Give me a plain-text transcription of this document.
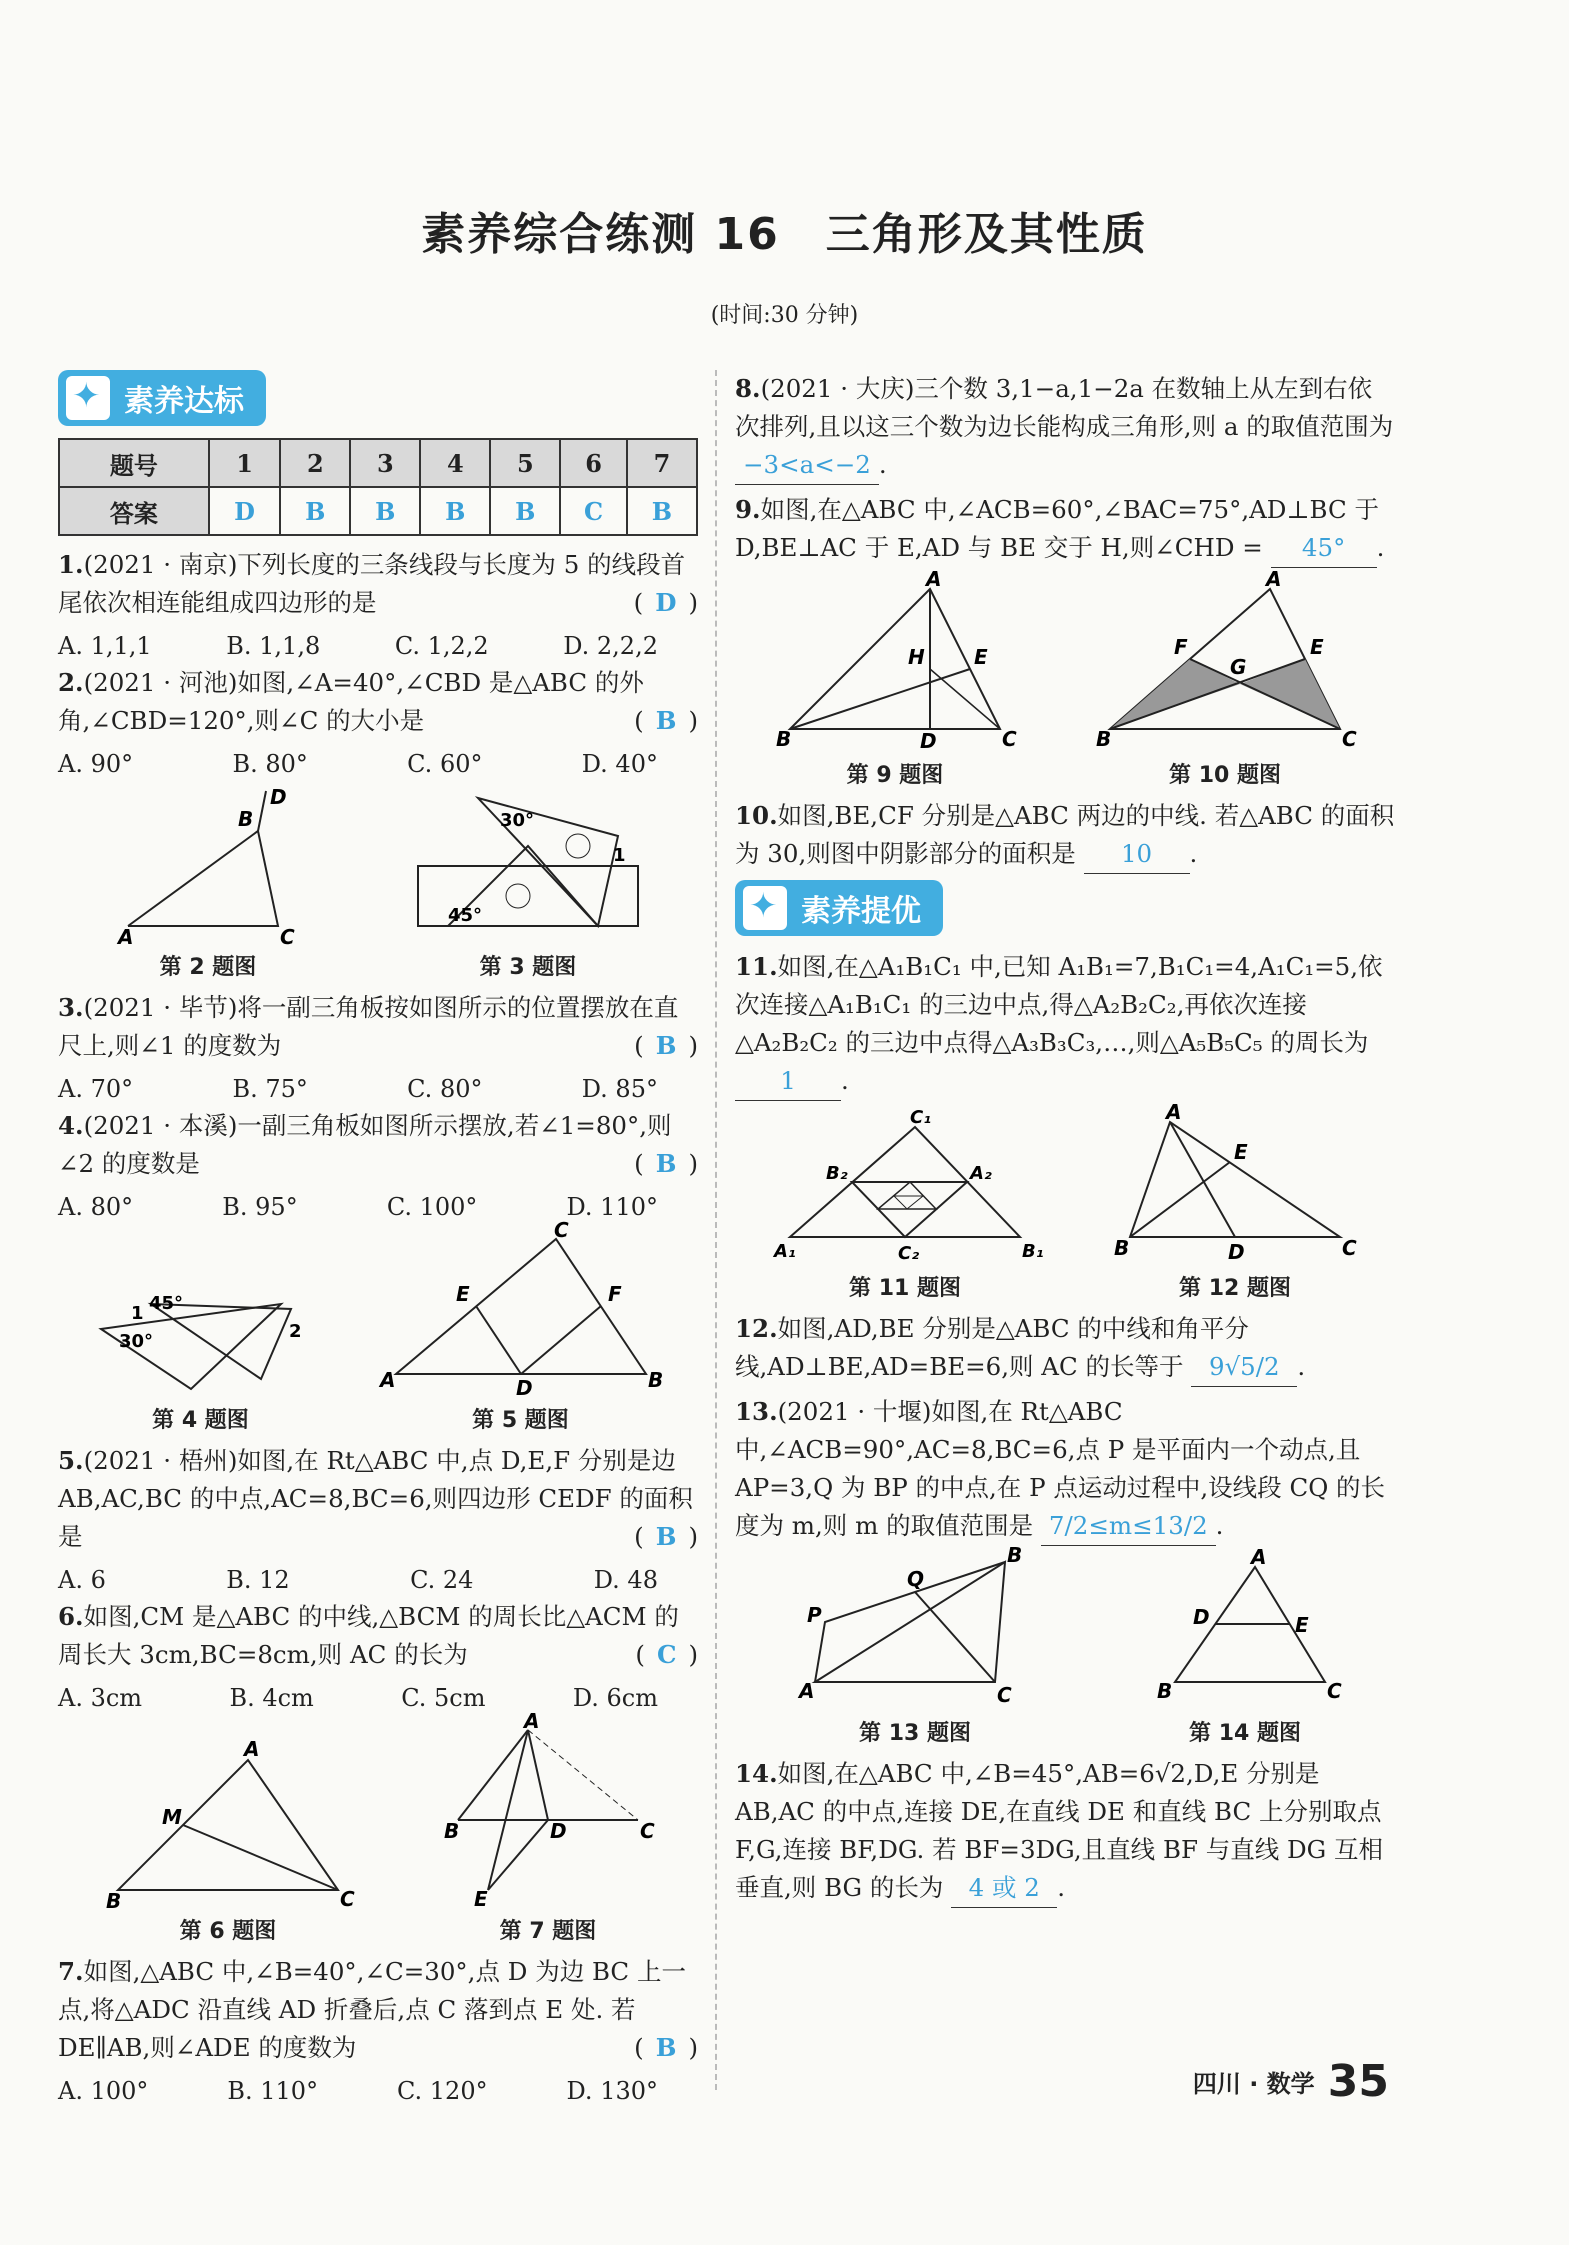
素养综合练测 16　三角形及其性质
(时间:30 分钟)
✦
素养达标
题号	1	2	3	4	5	6	7
答案	D	B	B	B	B	C	B
1.(2021 · 南京)下列长度的三条线段与长度为 5 的线段首尾依次相连能组成四边形的是	( D )
A. 1,1,1	B. 1,1,8	C. 1,2,2	D. 2,2,2
2.(2021 · 河池)如图,∠A=40°,∠CBD 是△ABC 的外角,∠CBD=120°,则∠C 的大小是	( B )
A. 90°	B. 80°	C. 60°	D. 40°
A
B
C
D
第 2 题图
30°
45°
1
第 3 题图
3.(2021 · 毕节)将一副三角板按如图所示的位置摆放在直尺上,则∠1 的度数为	( B )
A. 70°	B. 75°	C. 80°	D. 85°
4.(2021 · 本溪)一副三角板如图所示摆放,若∠1=80°,则∠2 的度数是	( B )
A. 80°	B. 95°	C. 100°	D. 110°
1 45°
30°	2
第 4 题图
A	B
C
D
E	F
第 5 题图
5.(2021 · 梧州)如图,在 Rt△ABC 中,点 D,E,F 分别是边 AB,AC,BC 的中点,AC=8,BC=6,则四边形 CEDF 的面积是	( B )
A. 6	B. 12	C. 24	D. 48
6.如图,CM 是△ABC 的中线,△BCM 的周长比△ACM 的周长大 3cm,BC=8cm,则 AC 的长为	( C )
A. 3cm	B. 4cm	C. 5cm	D. 6cm
B	C
A
M
第 6 题图
A
B	C
D
E
第 7 题图
7.如图,△ABC 中,∠B=40°,∠C=30°,点 D 为边 BC 上一点,将△ADC 沿直线 AD 折叠后,点 C 落到点 E 处. 若 DE∥AB,则∠ADE 的度数为	( B )
A. 100°	B. 110°	C. 120°	D. 130°
8.(2021 · 大庆)三个数 3,1−a,1−2a 在数轴上从左到右依次排列,且以这三个数为边长能构成三角形,则 a 的取值范围为 −3<a<−2 .
9.如图,在△ABC 中,∠ACB=60°,∠BAC=75°,AD⊥BC 于 D,BE⊥AC 于 E,AD 与 BE 交于 H,则∠CHD = 45° .
A
B	C
D
E
H
第 9 题图
A
B	C
F
G
E
第 10 题图
10.如图,BE,CF 分别是△ABC 两边的中线. 若△ABC 的面积为 30,则图中阴影部分的面积是 10 .
✦
素养提优
11.如图,在△A₁B₁C₁ 中,已知 A₁B₁=7,B₁C₁=4,A₁C₁=5,依次连接△A₁B₁C₁ 的三边中点,得△A₂B₂C₂,再依次连接△A₂B₂C₂ 的三边中点得△A₃B₃C₃,…,则△A₅B₅C₅ 的周长为 1 .
C₁
A₁	B₁
B₂	A₂
C₂
第 11 题图
A
B	C
D
E
第 12 题图
12.如图,AD,BE 分别是△ABC 的中线和角平分线,AD⊥BE,AD=BE=6,则 AC 的长等于 9√5/2 .
13.(2021 · 十堰)如图,在 Rt△ABC 中,∠ACB=90°,AC=8,BC=6,点 P 是平面内一个动点,且 AP=3,Q 为 BP 的中点,在 P 点运动过程中,设线段 CQ 的长度为 m,则 m 的取值范围是 7/2≤m≤13/2 .
A
B
C
P
Q
第 13 题图
A
B	C
D	E
第 14 题图
14.如图,在△ABC 中,∠B=45°,AB=6√2,D,E 分别是 AB,AC 的中点,连接 DE,在直线 DE 和直线 BC 上分别取点 F,G,连接 BF,DG. 若 BF=3DG,且直线 BF 与直线 DG 互相垂直,则 BG 的长为 4 或 2 .
四川 · 数学 35
